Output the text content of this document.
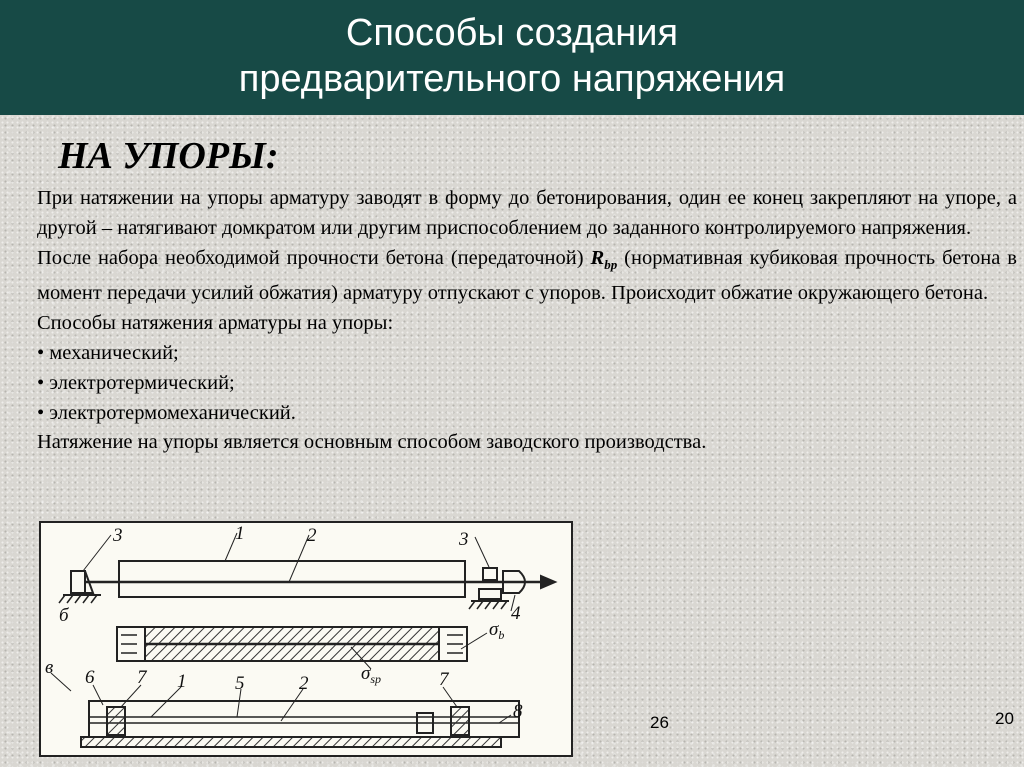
Способы создания
предварительного напряжения
НА УПОРЫ:

При натяжении на упоры арматуру заводят в форму до бетонирования, один ее конец закрепляют на упоре, а другой – натягивают домкратом или другим приспособлением до заданного контролируемого напряжения.

После набора необходимой прочности бетона (передаточной) $R_{bp}$ (нормативная кубиковая прочность бетона в момент передачи усилий обжатия) арматуру отпускают с упоров. Происходит обжатие окружающего бетона.

Способы натяжения арматуры на упоры:

• механический;

• электротермический;

• электротермомеханический.

Натяжение на упоры является основным способом заводского производства.

3	1	2	3
4
б
$\sigma_b$
$\sigma_{sp}$
в 6 7 1	5	2	7
8
26	20
